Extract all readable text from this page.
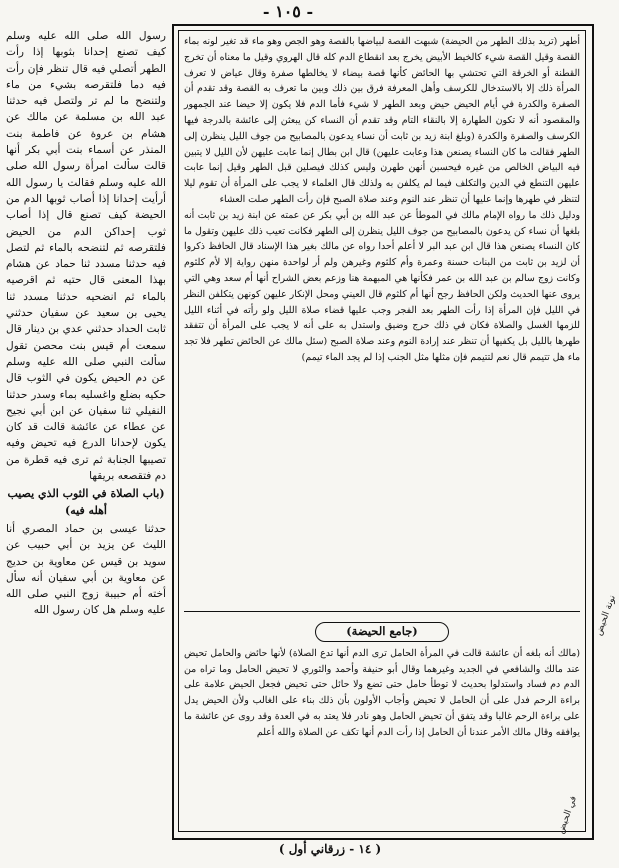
- ١٠٥ -

أطهر (تريد بذلك الطهر من الحيضة) شبهت القصة لبياضها بالقصة وهو الجص وهو ماء قد تغير لونه بماء القصة وقيل القصة شيء كالخيط الأبيض يخرج بعد انقطاع الدم كله قال الهروي وقيل ما معناه أن تخرج القطنة أو الخرقة التي تحتشي بها الحائض كأنها قصة بيضاء لا يخالطها صفرة وقال عياض لا تعرف المرأة ذلك إلا بالاستدخال للكرسف وأهل المعرفة فرق بين ذلك وبين ما تعرف به القصة وقد تقدم أن الصفرة والكدرة في أيام الحيض حيض وبعد الطهر لا شيء فأما الدم فلا يكون إلا حيضا عند الجمهور والمقصود أنه لا تكون الطهارة إلا بالنقاء التام وقد تقدم أن النساء كن يبعثن إلى عائشة بالدرجة فيها الكرسف والصفرة والكدرة (وبلغ ابنة زيد بن ثابت أن نساء يدعون بالمصابيح من جوف الليل ينظرن إلى الطهر فقالت ما كان النساء يصنعن هذا وعابت عليهن) قال ابن بطال إنما عابت عليهن لأن الليل لا يتبين فيه البياض الخالص من غيره فيحسبن أنهن طهرن وليس كذلك فيصلين قبل الطهر وقيل إنما عابت عليهن التنطع في الدين والتكلف فيما لم يكلفن به ولذلك قال العلماء لا يجب على المرأة أن تقوم ليلا لتنظر في طهرها وإنما عليها أن تنظر عند النوم وعند صلاة الصبح فإن رأت الطهر صلت العشاء

ودليل ذلك ما رواه الإمام مالك في الموطأ عن عبد الله بن أبي بكر عن عمته عن ابنة زيد بن ثابت أنه بلغها أن نساء كن يدعون بالمصابيح من جوف الليل ينظرن إلى الطهر فكانت تعيب ذلك عليهن وتقول ما كان النساء يصنعن هذا قال ابن عبد البر لا أعلم أحدا رواه عن مالك بغير هذا الإسناد قال الحافظ ذكروا أن لزيد بن ثابت من البنات حسنة وعمرة وأم كلثوم وغيرهن ولم أر لواحدة منهن رواية إلا لأم كلثوم وكانت زوج سالم بن عبد الله بن عمر فكأنها هي المبهمة هنا وزعم بعض الشراح أنها أم سعد وهي التي يروى عنها الحديث ولكن الحافظ رجح أنها أم كلثوم قال العيني ومحل الإنكار عليهن كونهن يتكلفن النظر في الليل فإن المرأة إذا رأت الطهر بعد الفجر وجب عليها قضاء صلاة الليل ولو رأته في أثناء الليل للزمها الغسل والصلاة فكان في ذلك حرج وضيق واستدل به على أنه لا يجب على المرأة أن تتفقد طهرها بالليل بل يكفيها أن تنظر عند إرادة النوم وعند صلاة الصبح (سئل مالك عن الحائض تطهر فلا تجد ماء هل تتيمم قال نعم لتتيمم فإن مثلها مثل الجنب إذا لم يجد الماء تيمم)

(جامع الحيضة)

(مالك أنه بلغه أن عائشة قالت في المرأة الحامل ترى الدم أنها تدع الصلاة) لأنها حائض والحامل تحيض عند مالك والشافعي في الجديد وغيرهما وقال أبو حنيفة وأحمد والثوري لا تحيض الحامل وما تراه من الدم دم فساد واستدلوا بحديث لا توطأ حامل حتى تضع ولا حائل حتى تحيض فجعل الحيض علامة على براءة الرحم فدل على أن الحامل لا تحيض وأجاب الأولون بأن ذلك بناء على الغالب ولأن الحيض يدل على براءة الرحم غالبا وقد يتفق أن تحيض الحامل وهو نادر فلا يعتد به في العدة وقد روى عن عائشة ما يوافقه وقال مالك الأمر عندنا أن الحامل إذا رأت الدم أنها تكف عن الصلاة والله أعلم

رسول الله صلى الله عليه وسلم كيف تصنع إحدانا بثوبها إذا رأت الطهر أتصلي فيه قال تنظر فإن رأت فيه دما فلتقرصه بشيء من ماء ولتنضح ما لم تر ولتصل فيه حدثنا عبد الله بن مسلمة عن مالك عن هشام بن عروة عن فاطمة بنت المنذر عن أسماء بنت أبي بكر أنها قالت سألت امرأة رسول الله صلى الله عليه وسلم فقالت يا رسول الله أرأيت إحدانا إذا أصاب ثوبها الدم من الحيضة كيف تصنع قال إذا أصاب ثوب إحداكن الدم من الحيض فلتقرصه ثم لتنضحه بالماء ثم لتصل فيه حدثنا مسدد ثنا حماد عن هشام بهذا المعنى قال حتيه ثم اقرصيه بالماء ثم انضحيه حدثنا مسدد ثنا يحيى بن سعيد عن سفيان حدثني ثابت الحداد حدثني عدي بن دينار قال سمعت أم قيس بنت محصن تقول سألت النبي صلى الله عليه وسلم عن دم الحيض يكون في الثوب قال حكيه بضلع واغسليه بماء وسدر حدثنا النفيلي ثنا سفيان عن ابن أبي نجيح عن عطاء عن عائشة قالت قد كان يكون لإحدانا الدرع فيه تحيض وفيه تصيبها الجنابة ثم ترى فيه قطرة من دم فتقصعه بريقها

(باب الصلاة في الثوب الذي يصيب أهله فيه)

حدثنا عيسى بن حماد المصري أنا الليث عن يزيد بن أبي حبيب عن سويد بن قيس عن معاوية بن حديج عن معاوية بن أبي سفيان أنه سأل أخته أم حبيبة زوج النبي صلى الله عليه وسلم هل كان رسول الله	نونة الحيض
في الحيض
( ١٤ - زرقاني أول )
